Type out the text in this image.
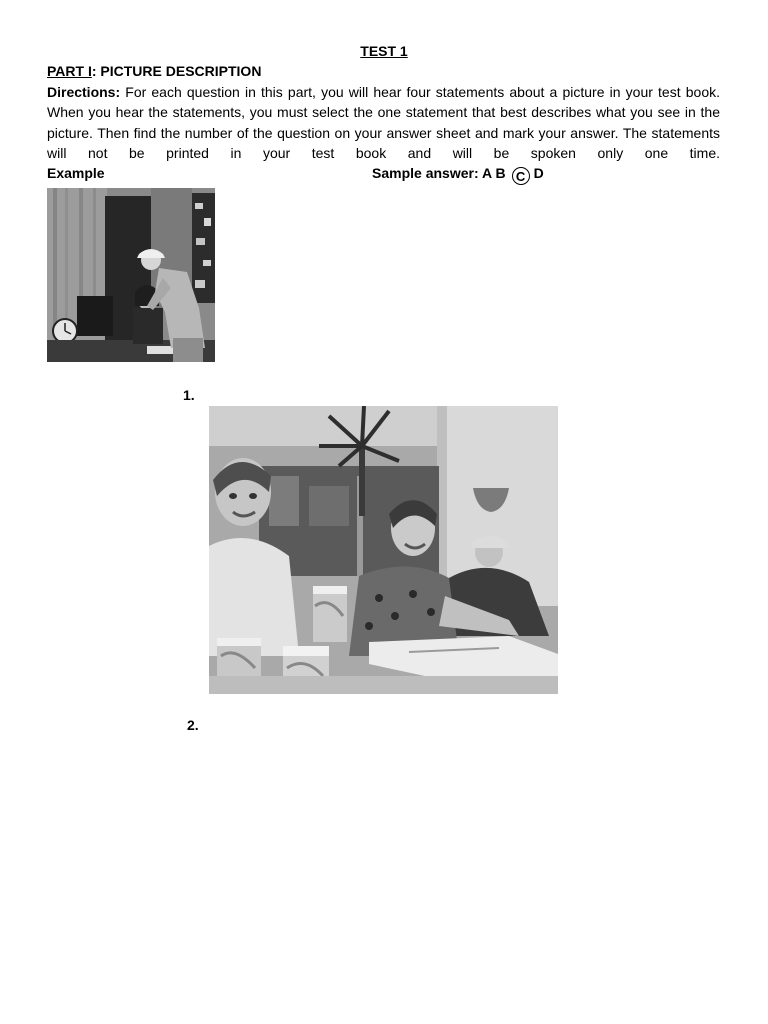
TEST 1
PART I: PICTURE DESCRIPTION
Directions: For each question in this part, you will hear four statements about a picture in your test book. When you hear the statements, you must select the one statement that best describes what you see in the picture. Then find the number of the question on your answer sheet and mark your answer. The statements will not be printed in your test book and will be spoken only one time.
Example	Sample answer: A B C D
1.
2.
